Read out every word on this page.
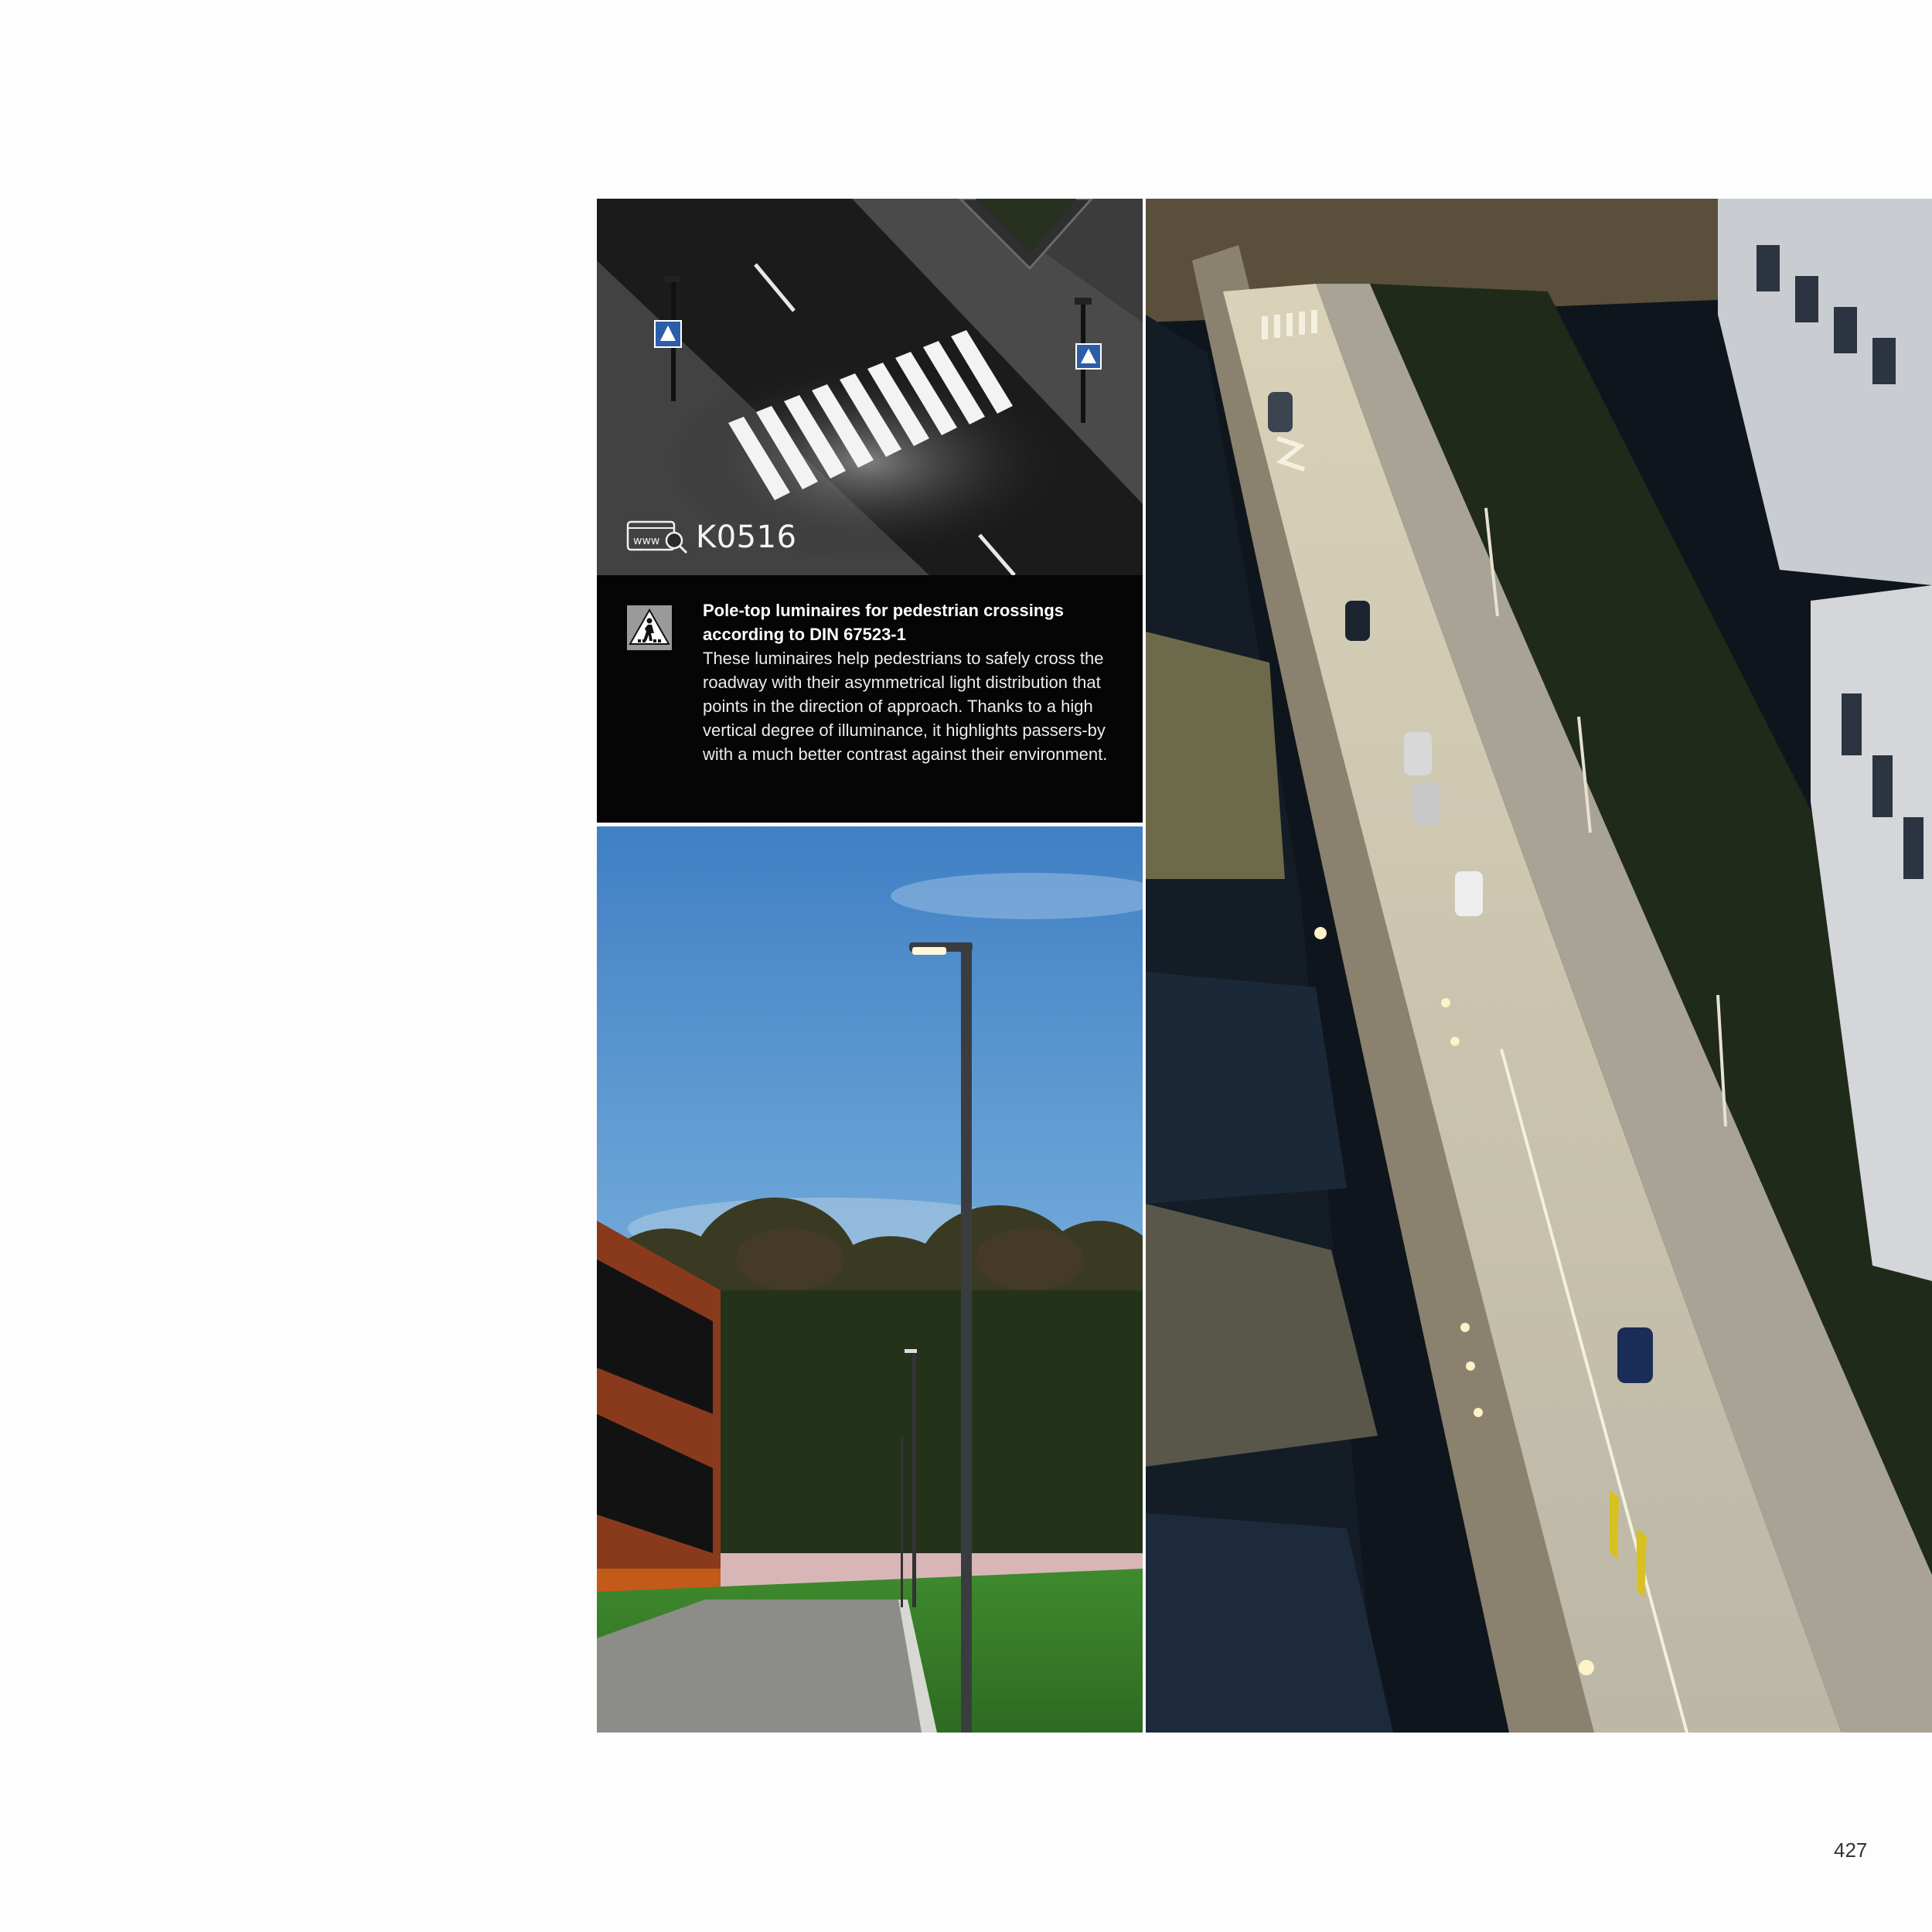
www K0516
Pole-top luminaires for pedestrian crossings according to DIN 67523-1
These luminaires help pedestrians to safely cross the roadway with their asymmetrical light distribution that points in the direction of approach. Thanks to a high vertical degree of illuminance, it highlights passers-by with a much better contrast against their environment.
427
